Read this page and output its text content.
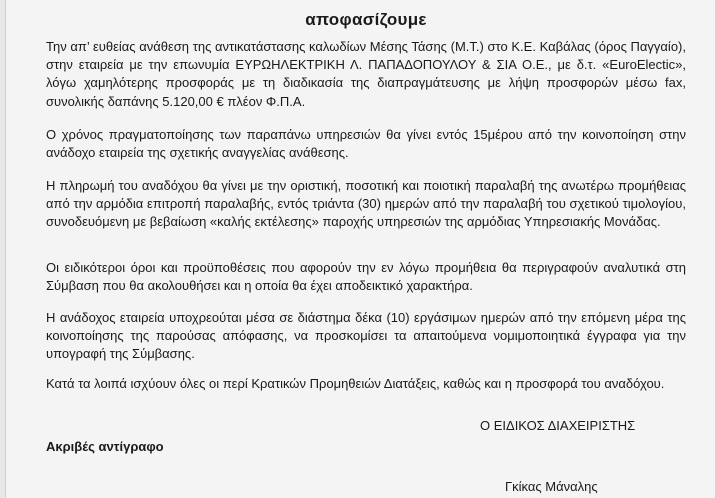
αποφασίζουμε

Την απ’ ευθείας ανάθεση της αντικατάστασης καλωδίων Μέσης Τάσης (Μ.Τ.) στο Κ.Ε. Καβάλας (όρος Παγγαίο), στην εταιρεία με την επωνυμία ΕΥΡΩΗΛΕΚΤΡΙΚΗ Λ. ΠΑΠΑΔΟΠΟΥΛΟΥ & ΣΙΑ Ο.Ε., με δ.τ. «EuroElectic», λόγω χαμηλότερης προσφοράς με τη διαδικασία της διαπραγμάτευσης με λήψη προσφορών μέσω fax, συνολικής δαπάνης 5.120,00 € πλέον Φ.Π.Α.

Ο χρόνος πραγματοποίησης των παραπάνω υπηρεσιών θα γίνει εντός 15μέρου από την κοινοποίηση στην ανάδοχο εταιρεία της σχετικής αναγγελίας ανάθεσης.

Η πληρωμή του αναδόχου θα γίνει με την οριστική, ποσοτική και ποιοτική παραλαβή της ανωτέρω προμήθειας από την αρμόδια επιτροπή παραλαβής, εντός τριάντα (30) ημερών από την παραλαβή του σχετικού τιμολογίου, συνοδευόμενη με βεβαίωση «καλής εκτέλεσης» παροχής υπηρεσιών της αρμόδιας Υπηρεσιακής Μονάδας.

Οι ειδικότεροι όροι και προϋποθέσεις που αφορούν την εν λόγω προμήθεια θα περιγραφούν αναλυτικά στη Σύμβαση που θα ακολουθήσει και η οποία θα έχει αποδεικτικό χαρακτήρα.

Η ανάδοχος εταιρεία υποχρεούται μέσα σε διάστημα δέκα (10) εργάσιμων ημερών από την επόμενη μέρα της κοινοποίησης της παρούσας απόφασης, να προσκομίσει τα απαιτούμενα νομιμοποιητικά έγγραφα για την υπογραφή της Σύμβασης.

Κατά τα λοιπά ισχύουν όλες οι περί Κρατικών Προμηθειών Διατάξεις, καθώς και η προσφορά του αναδόχου.

Ο ΕΙΔΙΚΟΣ ΔΙΑΧΕΙΡΙΣΤΗΣ
Ακριβές αντίγραφο
Γκίκας Μάναλης
